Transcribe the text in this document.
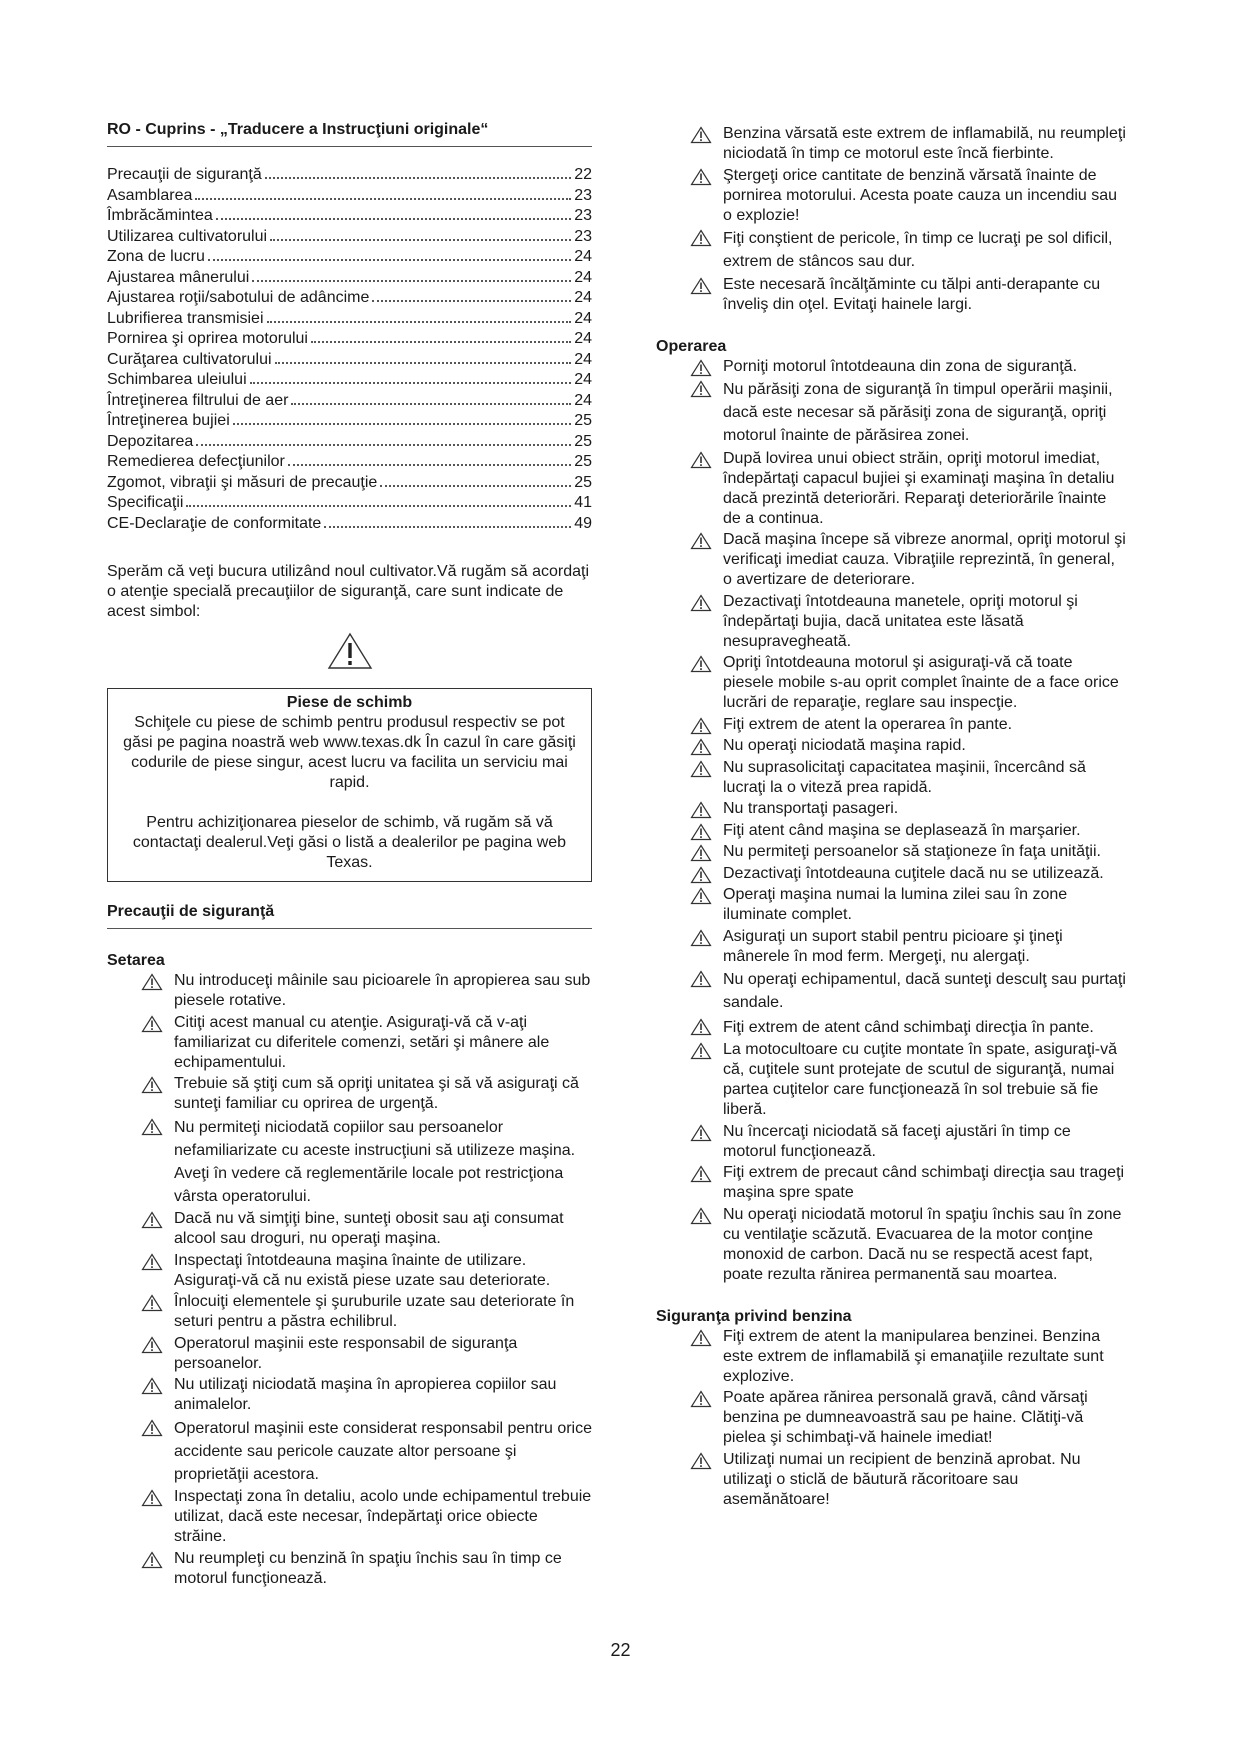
RO - Cuprins - „Traducere a Instrucţiuni originale“
Precauţii de siguranţă	22
Asamblarea	23
Îmbrăcămintea	23
Utilizarea cultivatorului	23
Zona de lucru	24
Ajustarea mânerului	24
Ajustarea roţii/sabotului de adâncime	24
Lubrifierea transmisiei	24
Pornirea şi oprirea motorului	24
Curăţarea cultivatorului	24
Schimbarea uleiului	24
Întreţinerea filtrului de aer	24
Întreţinerea bujiei	25
Depozitarea	25
Remedierea defecţiunilor	25
Zgomot, vibraţii şi măsuri de precauţie	25
Specificaţii	41
CE-Declaraţie de conformitate	49
Sperăm că veţi bucura utilizând noul cultivator.Vă rugăm să acordaţi o atenţie specială precauţiilor de siguranţă, care sunt indicate de acest simbol:
Piese de schimb

Schiţele cu piese de schimb pentru produsul respectiv se pot găsi pe pagina noastră web www.texas.dk În cazul în care găsiţi codurile de piese singur, acest lucru va facilita un serviciu mai rapid.

Pentru achiziţionarea pieselor de schimb, vă rugăm să vă contactaţi dealerul.Veţi găsi o listă a dealerilor pe pagina web Texas.

Precauţii de siguranţă
Setarea
Nu introduceţi mâinile sau picioarele în apropierea sau sub piesele rotative.
Citiţi acest manual cu atenţie. Asiguraţi-vă că v-aţi familiarizat cu diferitele comenzi, setări şi mânere ale echipamentului.
Trebuie să ştiţi cum să opriţi unitatea şi să vă asiguraţi că sunteţi familiar cu oprirea de urgenţă.
Nu permiteţi niciodată copiilor sau persoanelor nefamiliarizate cu aceste instrucţiuni să utilizeze maşina. Aveţi în vedere că reglementările locale pot restricţiona vârsta operatorului.
Dacă nu vă simţiţi bine, sunteţi obosit sau aţi consumat alcool sau droguri, nu operaţi maşina.
Inspectaţi întotdeauna maşina înainte de utilizare. Asiguraţi-vă că nu există piese uzate sau deteriorate.
Înlocuiţi elementele şi şuruburile uzate sau deteriorate în seturi pentru a păstra echilibrul.
Operatorul maşinii este responsabil de siguranţa persoanelor.
Nu utilizaţi niciodată maşina în apropierea copiilor sau animalelor.
Operatorul maşinii este considerat responsabil pentru orice accidente sau pericole cauzate altor persoane şi proprietăţii acestora.
Inspectaţi zona în detaliu, acolo unde echipamentul trebuie utilizat, dacă este necesar, îndepărtaţi orice obiecte străine.
Nu reumpleţi cu benzină în spaţiu închis sau în timp ce motorul funcţionează.
Benzina vărsată este extrem de inflamabilă, nu reumpleţi niciodată în timp ce motorul este încă fierbinte.
Ştergeţi orice cantitate de benzină vărsată înainte de pornirea motorului. Acesta poate cauza un incendiu sau o explozie!
Fiţi conştient de pericole, în timp ce lucraţi pe sol dificil, extrem de stâncos sau dur.
Este necesară încălţăminte cu tălpi anti-derapante cu înveliş din oţel. Evitaţi hainele largi.
Operarea
Porniţi motorul întotdeauna din zona de siguranţă.
Nu părăsiţi zona de siguranţă în timpul operării maşinii, dacă este necesar să părăsiţi zona de siguranţă, opriţi motorul înainte de părăsirea zonei.
După lovirea unui obiect străin, opriţi motorul imediat, îndepărtaţi capacul bujiei şi examinaţi maşina în detaliu dacă prezintă deteriorări. Reparaţi deteriorările înainte de a continua.
Dacă maşina începe să vibreze anormal, opriţi motorul şi verificaţi imediat cauza. Vibraţiile reprezintă, în general, o avertizare de deteriorare.
Dezactivaţi întotdeauna manetele, opriţi motorul şi îndepărtaţi bujia, dacă unitatea este lăsată nesupravegheată.
Opriţi întotdeauna motorul şi asiguraţi-vă că toate piesele mobile s-au oprit complet înainte de a face orice lucrări de reparaţie, reglare sau inspecţie.
Fiţi extrem de atent la operarea în pante.
Nu operaţi niciodată maşina rapid.
Nu suprasolicitaţi capacitatea maşinii, încercând să lucraţi la o viteză prea rapidă.
Nu transportaţi pasageri.
Fiţi atent când maşina se deplasează în marşarier.
Nu permiteţi persoanelor să staţioneze în faţa unităţii.
Dezactivaţi întotdeauna cuţitele dacă nu se utilizează.
Operaţi maşina numai la lumina zilei sau în zone iluminate complet.
Asiguraţi un suport stabil pentru picioare şi ţineţi mânerele în mod ferm. Mergeţi, nu alergaţi.
Nu operaţi echipamentul, dacă sunteţi desculţ sau purtaţi sandale.
Fiţi extrem de atent când schimbaţi direcţia în pante.
La motocultoare cu cuţite montate în spate, asiguraţi-vă că, cuţitele sunt protejate de scutul de siguranţă, numai partea cuţitelor care funcţionează în sol trebuie să fie liberă.
Nu încercaţi niciodată să faceţi ajustări în timp ce motorul funcţionează.
Fiţi extrem de precaut când schimbaţi direcţia sau trageţi maşina spre spate
Nu operaţi niciodată motorul în spaţiu închis sau în zone cu ventilaţie scăzută. Evacuarea de la motor conţine monoxid de carbon. Dacă nu se respectă acest fapt, poate rezulta rănirea permanentă sau moartea.
Siguranţa privind benzina
Fiţi extrem de atent la manipularea benzinei. Benzina este extrem de inflamabilă şi emanaţiile rezultate sunt explozive.
Poate apărea rănirea personală gravă, când vărsaţi benzina pe dumneavoastră sau pe haine. Clătiţi-vă pielea şi schimbaţi-vă hainele imediat!
Utilizaţi numai un recipient de benzină aprobat. Nu utilizaţi o sticlă de băutură răcoritoare sau asemănătoare!
22
